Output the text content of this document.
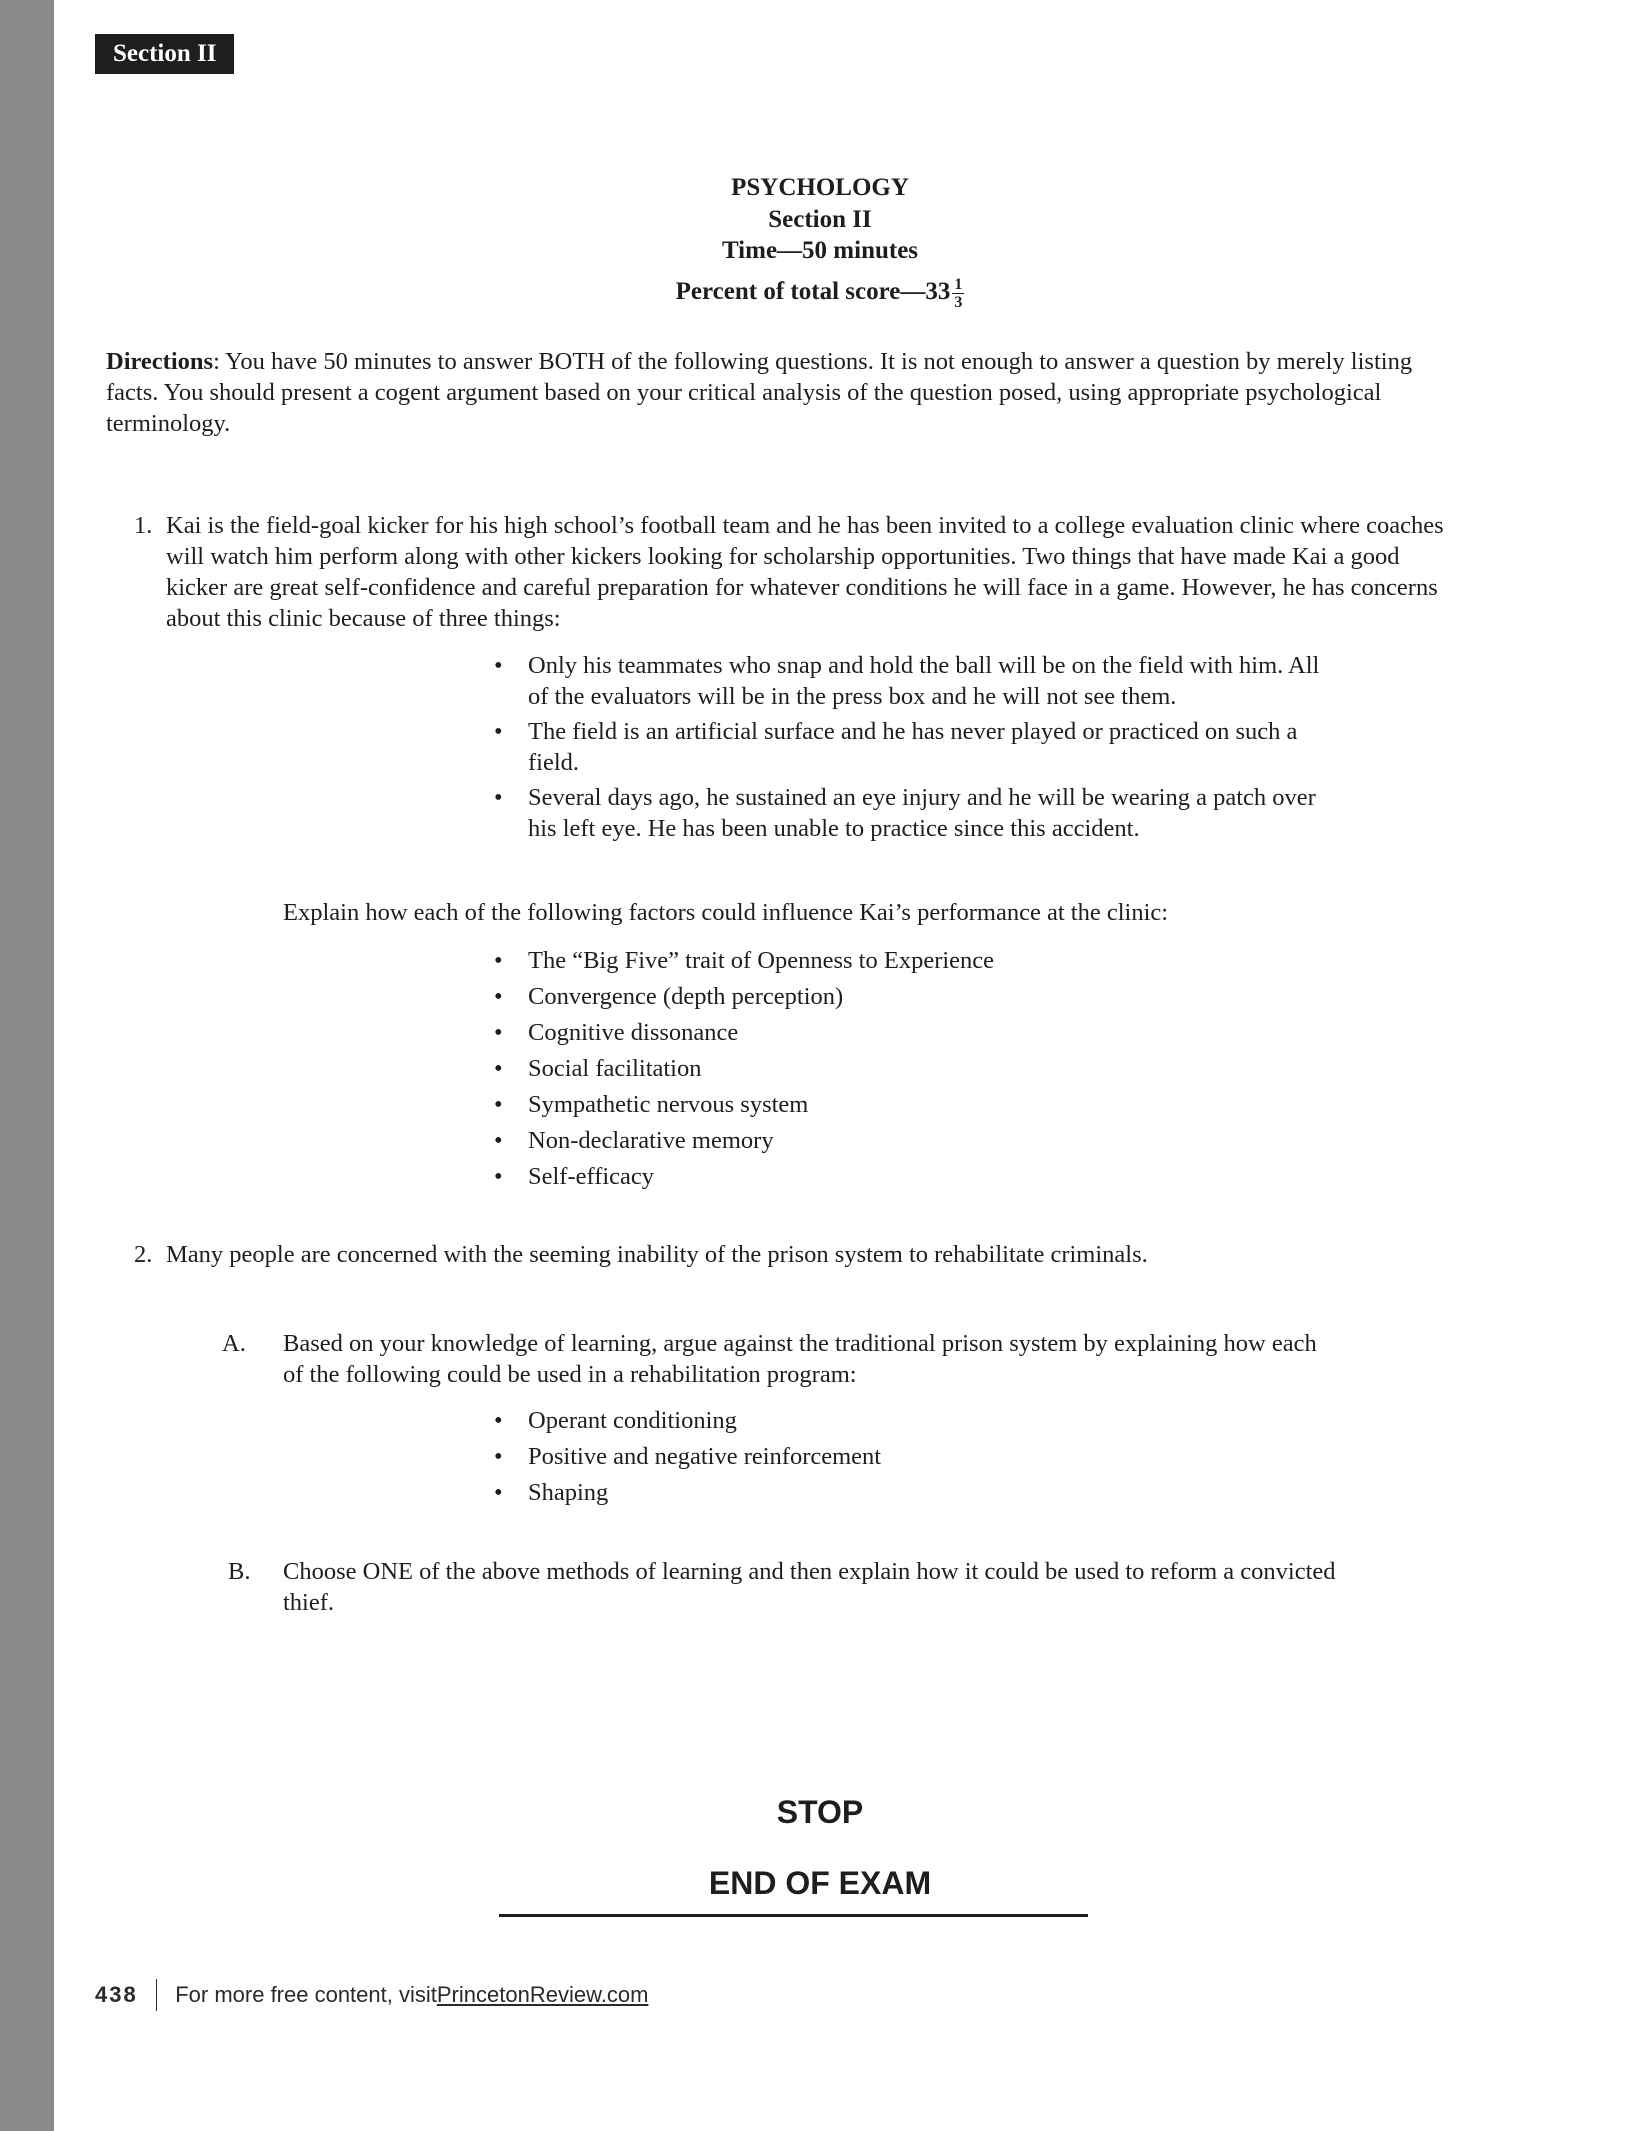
Section II
PSYCHOLOGY
Section II
Time—50 minutes
Percent of total score—33 $\frac{1}{3}$
Directions: You have 50 minutes to answer BOTH of the following questions. It is not enough to answer a question by merely listing facts. You should present a cogent argument based on your critical analysis of the question posed, using appropriate psychological terminology.
1. Kai is the field-goal kicker for his high school’s football team and he has been invited to a college evaluation clinic where coaches will watch him perform along with other kickers looking for scholarship opportunities. Two things that have made Kai a good kicker are great self-confidence and careful preparation for whatever conditions he will face in a game. However, he has concerns about this clinic because of three things:
• Only his teammates who snap and hold the ball will be on the field with him. All of the evaluators will be in the press box and he will not see them.
• The field is an artificial surface and he has never played or practiced on such a field.
• Several days ago, he sustained an eye injury and he will be wearing a patch over his left eye. He has been unable to practice since this accident.
Explain how each of the following factors could influence Kai’s performance at the clinic:
• The “Big Five” trait of Openness to Experience
• Convergence (depth perception)
• Cognitive dissonance
• Social facilitation
• Sympathetic nervous system
• Non-declarative memory
• Self-efficacy
2. Many people are concerned with the seeming inability of the prison system to rehabilitate criminals.
A. Based on your knowledge of learning, argue against the traditional prison system by explaining how each of the following could be used in a rehabilitation program:
• Operant conditioning
• Positive and negative reinforcement
• Shaping
B. Choose ONE of the above methods of learning and then explain how it could be used to reform a convicted thief.
STOP
END OF EXAM
438 For more free content, visit PrincetonReview.com
